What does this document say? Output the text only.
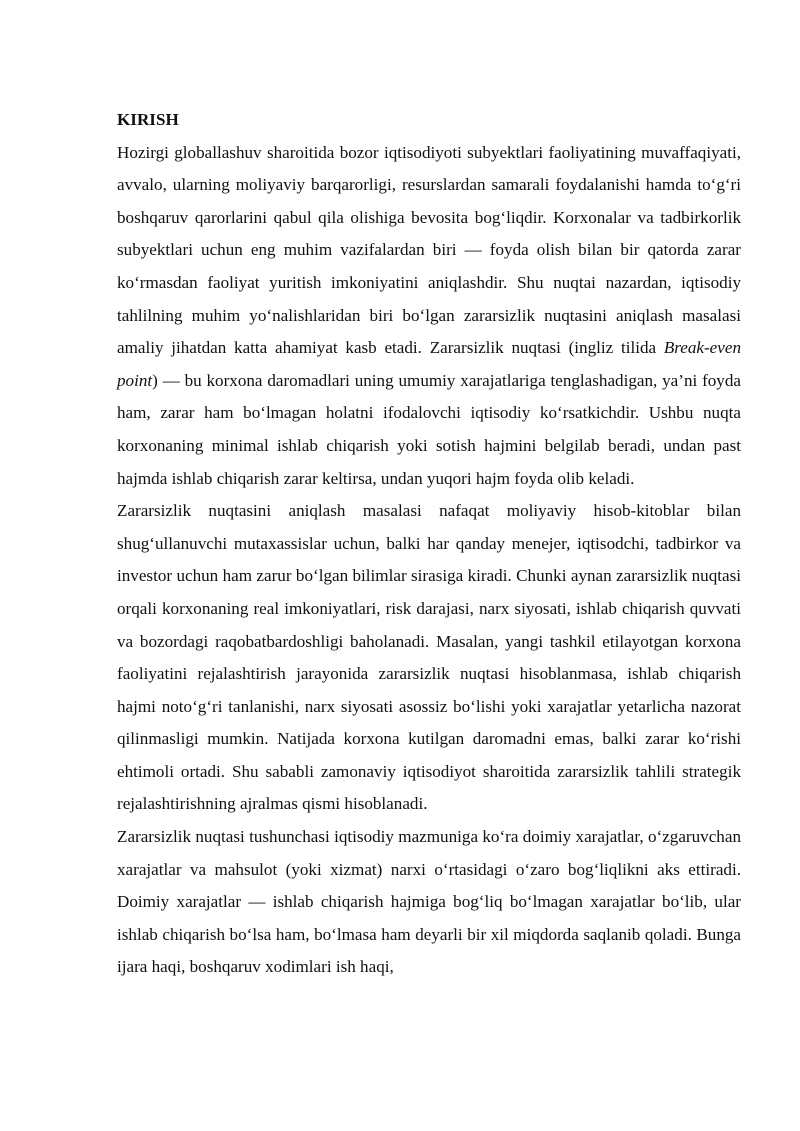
KIRISH

Hozirgi globallashuv sharoitida bozor iqtisodiyoti subyektlari faoliyatining muvaffaqiyati, avvalo, ularning moliyaviy barqarorligi, resurslardan samarali foydalanishi hamda to‘g‘ri boshqaruv qarorlarini qabul qila olishiga bevosita bog‘liqdir. Korxonalar va tadbirkorlik subyektlari uchun eng muhim vazifalardan biri — foyda olish bilan bir qatorda zarar ko‘rmasdan faoliyat yuritish imkoniyatini aniqlashdir. Shu nuqtai nazardan, iqtisodiy tahlilning muhim yo‘nalishlaridan biri bo‘lgan zararsizlik nuqtasini aniqlash masalasi amaliy jihatdan katta ahamiyat kasb etadi. Zararsizlik nuqtasi (ingliz tilida Break-even point) — bu korxona daromadlari uning umumiy xarajatlariga tenglashadigan, ya’ni foyda ham, zarar ham bo‘lmagan holatni ifodalovchi iqtisodiy ko‘rsatkichdir. Ushbu nuqta korxonaning minimal ishlab chiqarish yoki sotish hajmini belgilab beradi, undan past hajmda ishlab chiqarish zarar keltirsa, undan yuqori hajm foyda olib keladi.

Zararsizlik nuqtasini aniqlash masalasi nafaqat moliyaviy hisob-kitoblar bilan shug‘ullanuvchi mutaxassislar uchun, balki har qanday menejer, iqtisodchi, tadbirkor va investor uchun ham zarur bo‘lgan bilimlar sirasiga kiradi. Chunki aynan zararsizlik nuqtasi orqali korxonaning real imkoniyatlari, risk darajasi, narx siyosati, ishlab chiqarish quvvati va bozordagi raqobatbardoshligi baholanadi. Masalan, yangi tashkil etilayotgan korxona faoliyatini rejalashtirish jarayonida zararsizlik nuqtasi hisoblanmasa, ishlab chiqarish hajmi noto‘g‘ri tanlanishi, narx siyosati asossiz bo‘lishi yoki xarajatlar yetarlicha nazorat qilinmasligi mumkin. Natijada korxona kutilgan daromadni emas, balki zarar ko‘rishi ehtimoli ortadi. Shu sababli zamonaviy iqtisodiyot sharoitida zararsizlik tahlili strategik rejalashtirishning ajralmas qismi hisoblanadi.

Zararsizlik nuqtasi tushunchasi iqtisodiy mazmuniga ko‘ra doimiy xarajatlar, o‘zgaruvchan xarajatlar va mahsulot (yoki xizmat) narxi o‘rtasidagi o‘zaro bog‘liqlikni aks ettiradi. Doimiy xarajatlar — ishlab chiqarish hajmiga bog‘liq bo‘lmagan xarajatlar bo‘lib, ular ishlab chiqarish bo‘lsa ham, bo‘lmasa ham deyarli bir xil miqdorda saqlanib qoladi. Bunga ijara haqi, boshqaruv xodimlari ish haqi,
